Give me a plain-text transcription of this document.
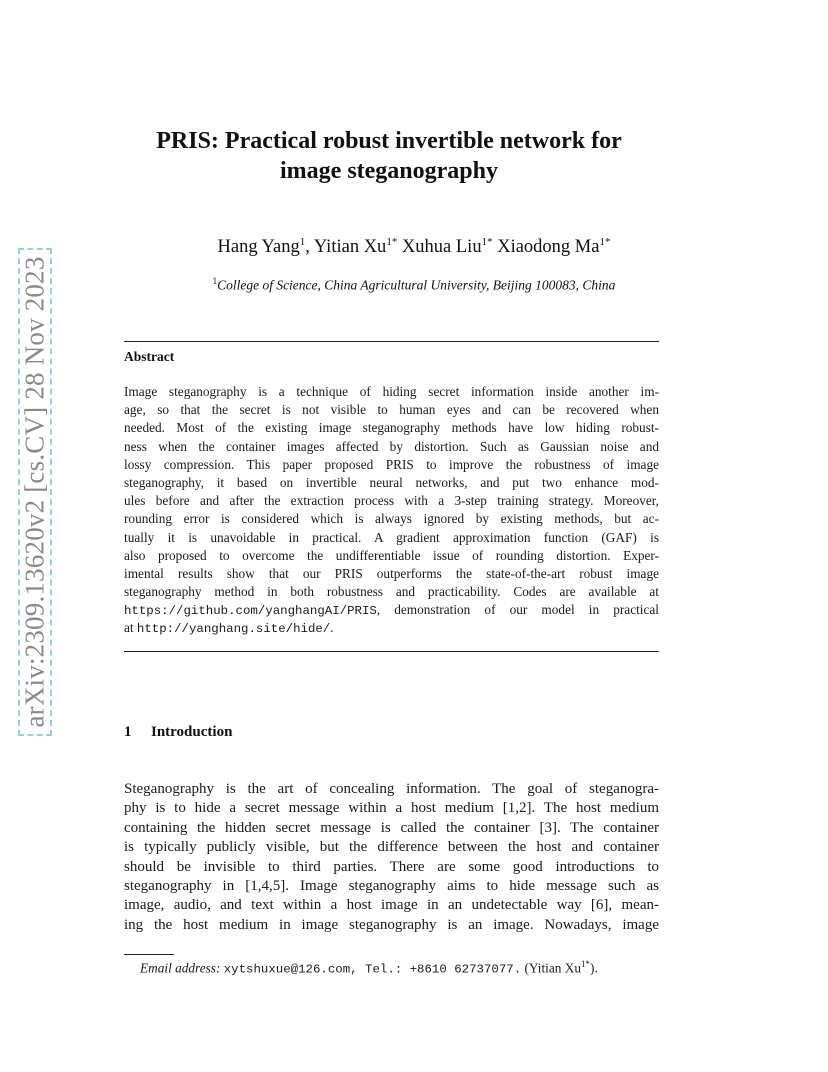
arXiv:2309.13620v2 [cs.CV] 28 Nov 2023
PRIS: Practical robust invertible network for
image steganography
Hang Yang$^1$, Yitian $Xu^{1*}$ Xuhua Liu$^{1*}$ Xiaodong $Ma^{1*}$
$^1$College of Science, China Agricultural University, Beijing 100083, China
Abstract
Image steganography is a technique of hiding secret information inside another im-
age, so that the secret is not visible to human eyes and can be recovered when
needed. Most of the existing image steganography methods have low hiding robust-
ness when the container images affected by distortion. Such as Gaussian noise and
lossy compression. This paper proposed PRIS to improve the robustness of image
steganography, it based on invertible neural networks, and put two enhance mod-
ules before and after the extraction process with a 3-step training strategy. Moreover,
rounding error is considered which is always ignored by existing methods, but ac-
tually it is unavoidable in practical. A gradient approximation function (GAF) is
also proposed to overcome the undifferentiable issue of rounding distortion. Exper-
imental results show that our PRIS outperforms the state-of-the-art robust image
steganography method in both robustness and practicability. Codes are available at
https://github.com/yanghangAI/PRIS, demonstration of our model in practical
at http://yanghang.site/hide/.
1 Introduction
Steganography is the art of concealing information. The goal of steganogra-
phy is to hide a secret message within a host medium [1,2]. The host medium
containing the hidden secret message is called the container [3]. The container
is typically publicly visible, but the difference between the host and container
should be invisible to third parties. There are some good introductions to
steganography in [1,4,5]. Image steganography aims to hide message such as
image, audio, and text within a host image in an undetectable way [6], mean-
ing the host medium in image steganography is an image. Nowadays, image
Email address: xytshuxue@126.com, Tel.: +8610 62737077. (Yitian $Xu^{1*}$).
